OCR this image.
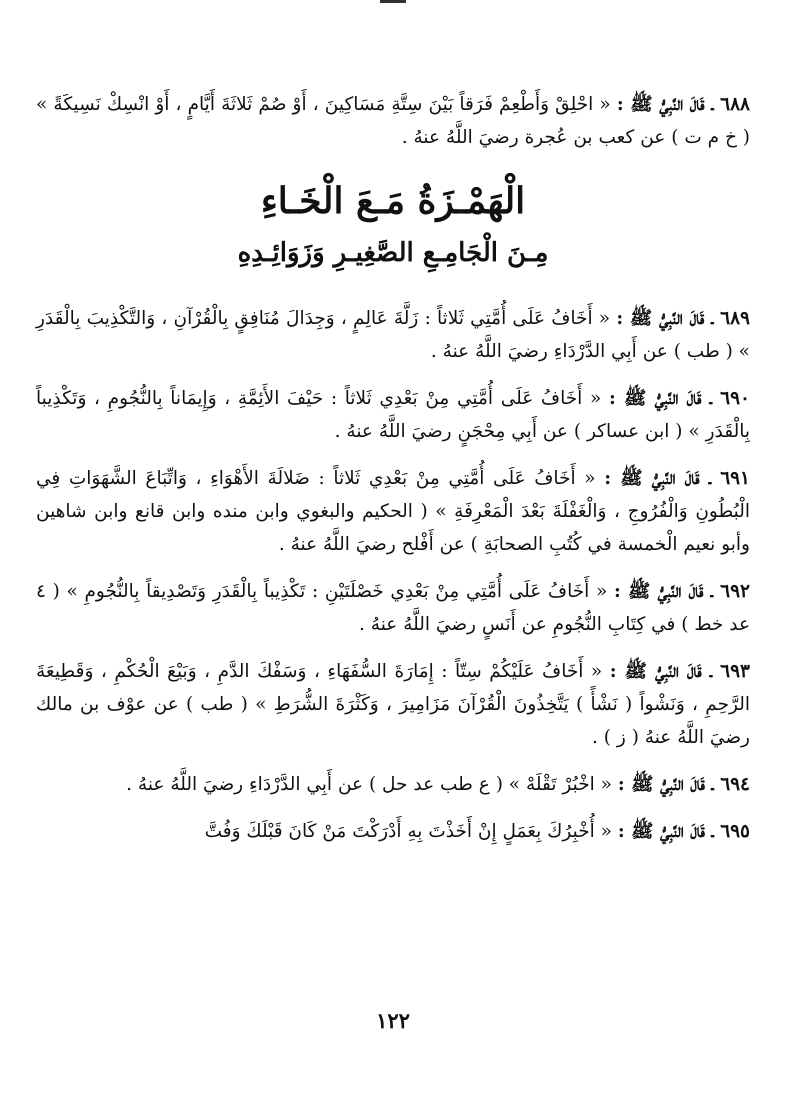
٦٨٨ ـ قَالَ النَّبِيُّ ﷺ : « احْلِقْ وَأَطْعِمْ فَرَقاً بَيْنَ سِتَّةِ مَسَاكِينَ ، أَوْ صُمْ ثَلاثَةَ أَيَّامٍ ، أَوْ انْسِكْ نَسِيكَةً » ( خ م ت ) عن كعب بن عُجرة رضيَ اللَّهُ عنهُ .

الْهَمْـزَةُ مَـعَ الْخَـاءِ
مِـنَ الْجَامِـعِ الصَّغِيـرِ وَزَوَائِـدِهِ

٦٨٩ ـ قَالَ النَّبِيُّ ﷺ : « أَخَافُ عَلَى أُمَّتِي ثَلاثاً : زَلَّةَ عَالِمٍ ، وَجِدَالَ مُنَافِقٍ بِالْقُرْآنِ ، وَالتَّكْذِيبَ بِالْقَدَرِ » ( طب ) عن أَبِي الدَّرْدَاءِ رضيَ اللَّهُ عنهُ .

٦٩٠ ـ قَالَ النَّبِيُّ ﷺ : « أَخَافُ عَلَى أُمَّتِي مِنْ بَعْدِي ثَلاثاً : حَيْفَ الأَئِمَّةِ ، وَإِيمَاناً بِالنُّجُومِ ، وَتَكْذِيباً بِالْقَدَرِ » ( ابن عساكر ) عن أَبِي مِحْجَنٍ رضيَ اللَّهُ عنهُ .

٦٩١ ـ قَالَ النَّبِيُّ ﷺ : « أَخَافُ عَلَى أُمَّتِي مِنْ بَعْدِي ثَلاثاً : ضَلالَةَ الأَهْوَاءِ ، وَاتِّبَاعَ الشَّهَوَاتِ فِي الْبُطُونِ وَالْفُرُوجِ ، وَالْغَفْلَةَ بَعْدَ الْمَعْرِفَةِ » ( الحكيم والبغوي وابن منده وابن قانع وابن شاهين وأبو نعيم الْخمسة في كُتُبِ الصحابَةِ ) عن أَفْلح رضيَ اللَّهُ عنهُ .

٦٩٢ ـ قَالَ النَّبِيُّ ﷺ : « أَخَافُ عَلَى أُمَّتِي مِنْ بَعْدِي خَصْلَتَيْنِ : تَكْذِيباً بِالْقَدَرِ وَتَصْدِيقاً بِالنُّجُومِ » ( ٤ عد خط ) في كِتَابِ النُّجُومِ عن أَنَسٍ رضيَ اللَّهُ عنهُ .

٦٩٣ ـ قَالَ النَّبِيُّ ﷺ : « أَخَافُ عَلَيْكُمْ سِتّاً : إِمَارَةَ السُّفَهَاءِ ، وَسَفْكَ الدَّمِ ، وَبَيْعَ الْحُكْمِ ، وَقَطِيعَةَ الرَّحِمِ ، وَنَشْواً ( نَشْأً ) يَتَّخِذُونَ الْقُرْآنَ مَزَامِيرَ ، وَكَثْرَةَ الشُّرَطِ » ( طب ) عن عوْف بن مالك رضيَ اللَّهُ عنهُ ( ز ) .

٦٩٤ ـ قَالَ النَّبِيُّ ﷺ : « اخْبُرْ تَقْلَهْ » ( ع طب عد حل ) عن أَبِي الدَّرْدَاءِ رضيَ اللَّهُ عنهُ .

٦٩٥ ـ قَالَ النَّبِيُّ ﷺ : « أُخْبِرُكَ بِعَمَلٍ إِنْ أَخَذْتَ بِهِ أَدْرَكْتَ مَنْ كَانَ قَبْلَكَ وَفُتَّ

١٢٢
